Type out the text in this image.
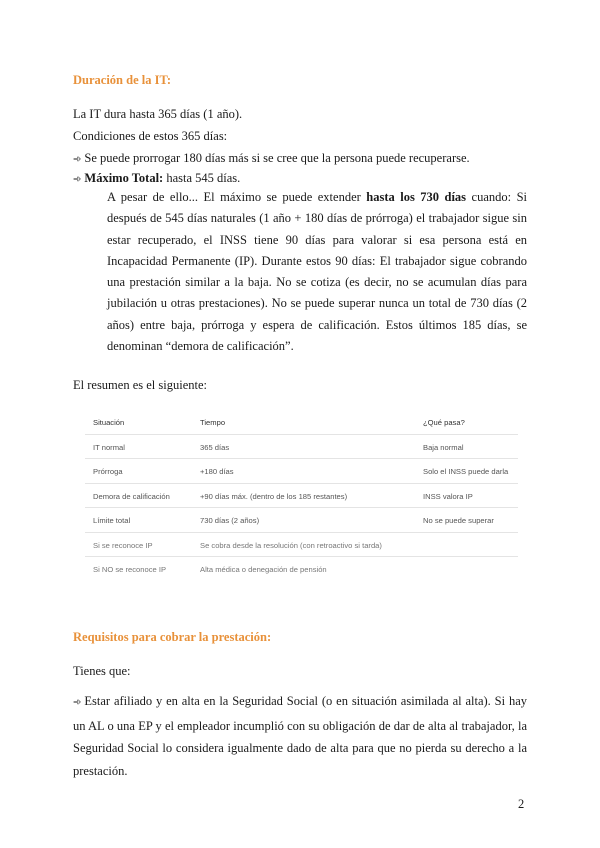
Duración de la IT:
La IT dura hasta 365 días (1 año).
Condiciones de estos 365 días:
➾ Se puede prorrogar 180 días más si se cree que la persona puede recuperarse.
➾ Máximo Total: hasta 545 días.
A pesar de ello... El máximo se puede extender hasta los 730 días cuando: Si después de 545 días naturales (1 año + 180 días de prórroga) el trabajador sigue sin estar recuperado, el INSS tiene 90 días para valorar si esa persona está en Incapacidad Permanente (IP). Durante estos 90 días: El trabajador sigue cobrando una prestación similar a la baja. No se cotiza (es decir, no se acumulan días para jubilación u otras prestaciones). No se puede superar nunca un total de 730 días (2 años) entre baja, prórroga y espera de calificación. Estos últimos 185 días, se denominan “demora de calificación”.
El resumen es el siguiente:
Situación	Tiempo	¿Qué pasa?
IT normal	365 días	Baja normal
Prórroga	+180 días	Solo el INSS puede darla
Demora de calificación	+90 días máx. (dentro de los 185 restantes)	INSS valora IP
Límite total	730 días (2 años)	No se puede superar
Si se reconoce IP	Se cobra desde la resolución (con retroactivo si tarda)
Si NO se reconoce IP	Alta médica o denegación de pensión
Requisitos para cobrar la prestación:
Tienes que:
➾ Estar afiliado y en alta en la Seguridad Social (o en situación asimilada al alta). Si hay un AL o una EP y el empleador incumplió con su obligación de dar de alta al trabajador, la Seguridad Social lo considera igualmente dado de alta para que no pierda su derecho a la prestación.
2
